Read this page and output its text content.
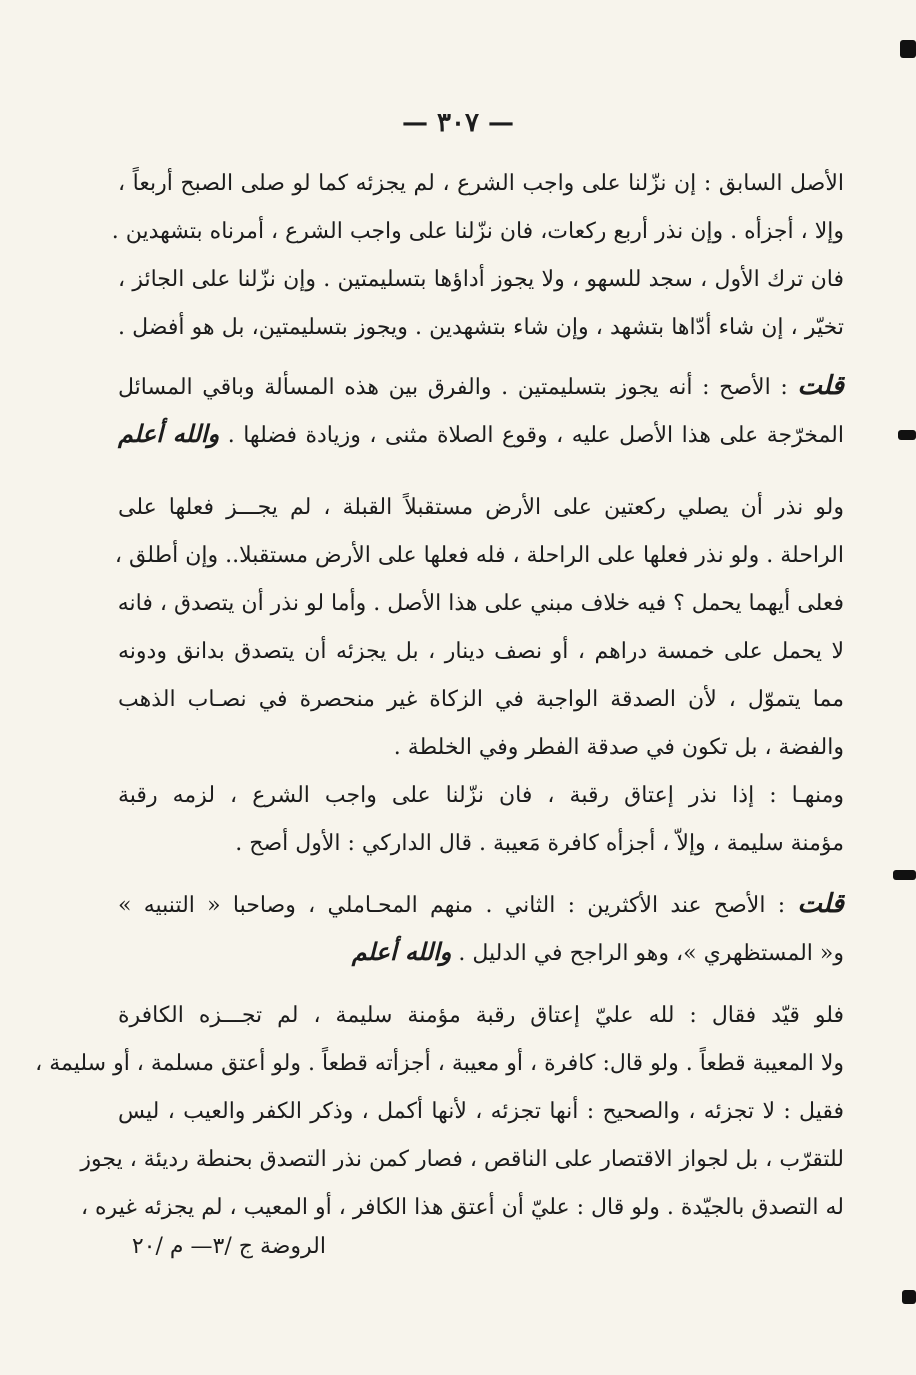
— ٣٠٧ —
الأصل السابق : إن نزّلنا على واجب الشرع ، لم يجزئه كما لو صلى الصبح أربعاً ،
وإلا ، أجزأه . وإن نذر أربع ركعات، فان نزّلنا على واجب الشرع ، أمرناه بتشهدين .
فان ترك الأول ، سجد للسهو ، ولا يجوز أداؤها بتسليمتين . وإن نزّلنا على الجائز ،
تخيّر ، إن شاء أدّاها بتشهد ، وإن شاء بتشهدين . ويجوز بتسليمتين، بل هو أفضل .
قلت : الأصح : أنه يجوز بتسليمتين . والفرق بين هذه المسألة وباقي المسائل
المخرّجة على هذا الأصل عليه ، وقوع الصلاة مثنى ، وزيادة فضلها . والله أعلم
ولو نذر أن يصلي ركعتين على الأرض مستقبلاً القبلة ، لم يجـــز فعلها على
الراحلة . ولو نذر فعلها على الراحلة ، فله فعلها على الأرض مستقبلا.. وإن أطلق ،
فعلى أيهما يحمل ؟ فيه خلاف مبني على هذا الأصل . وأما لو نذر أن يتصدق ، فانه
لا يحمل على خمسة دراهم ، أو نصف دينار ، بل يجزئه أن يتصدق بدانق ودونه
مما يتموّل ، لأن الصدقة الواجبة في الزكاة غير منحصرة في نصـاب الذهب
والفضة ، بل تكون في صدقة الفطر وفي الخلطة .
ومنهـا : إذا نذر إعتاق رقبة ، فان نزّلنا على واجب الشرع ، لزمه رقبة
مؤمنة سليمة ، وإلاّ ، أجزأه كافرة مَعيبة . قال الداركي : الأول أصح .
قلت : الأصح عند الأكثرين : الثاني . منهم المحـاملي ، وصاحبا « التنبيه »
و« المستظهري »، وهو الراجح في الدليل . والله أعلم
فلو قيّد فقال : لله عليّ إعتاق رقبة مؤمنة سليمة ، لم تجـــزه الكافرة
ولا المعيبة قطعاً . ولو قال: كافرة ، أو معيبة ، أجزأته قطعاً . ولو أعتق مسلمة ، أو سليمة ،
فقيل : لا تجزئه ، والصحيح : أنها تجزئه ، لأنها أكمل ، وذكر الكفر والعيب ، ليس
للتقرّب ، بل لجواز الاقتصار على الناقص ، فصار كمن نذر التصدق بحنطة رديئة ، يجوز
له التصدق بالجيّدة . ولو قال : عليّ أن أعتق هذا الكافر ، أو المعيب ، لم يجزئه غيره ،
الروضة ج /٣— م /٢٠
